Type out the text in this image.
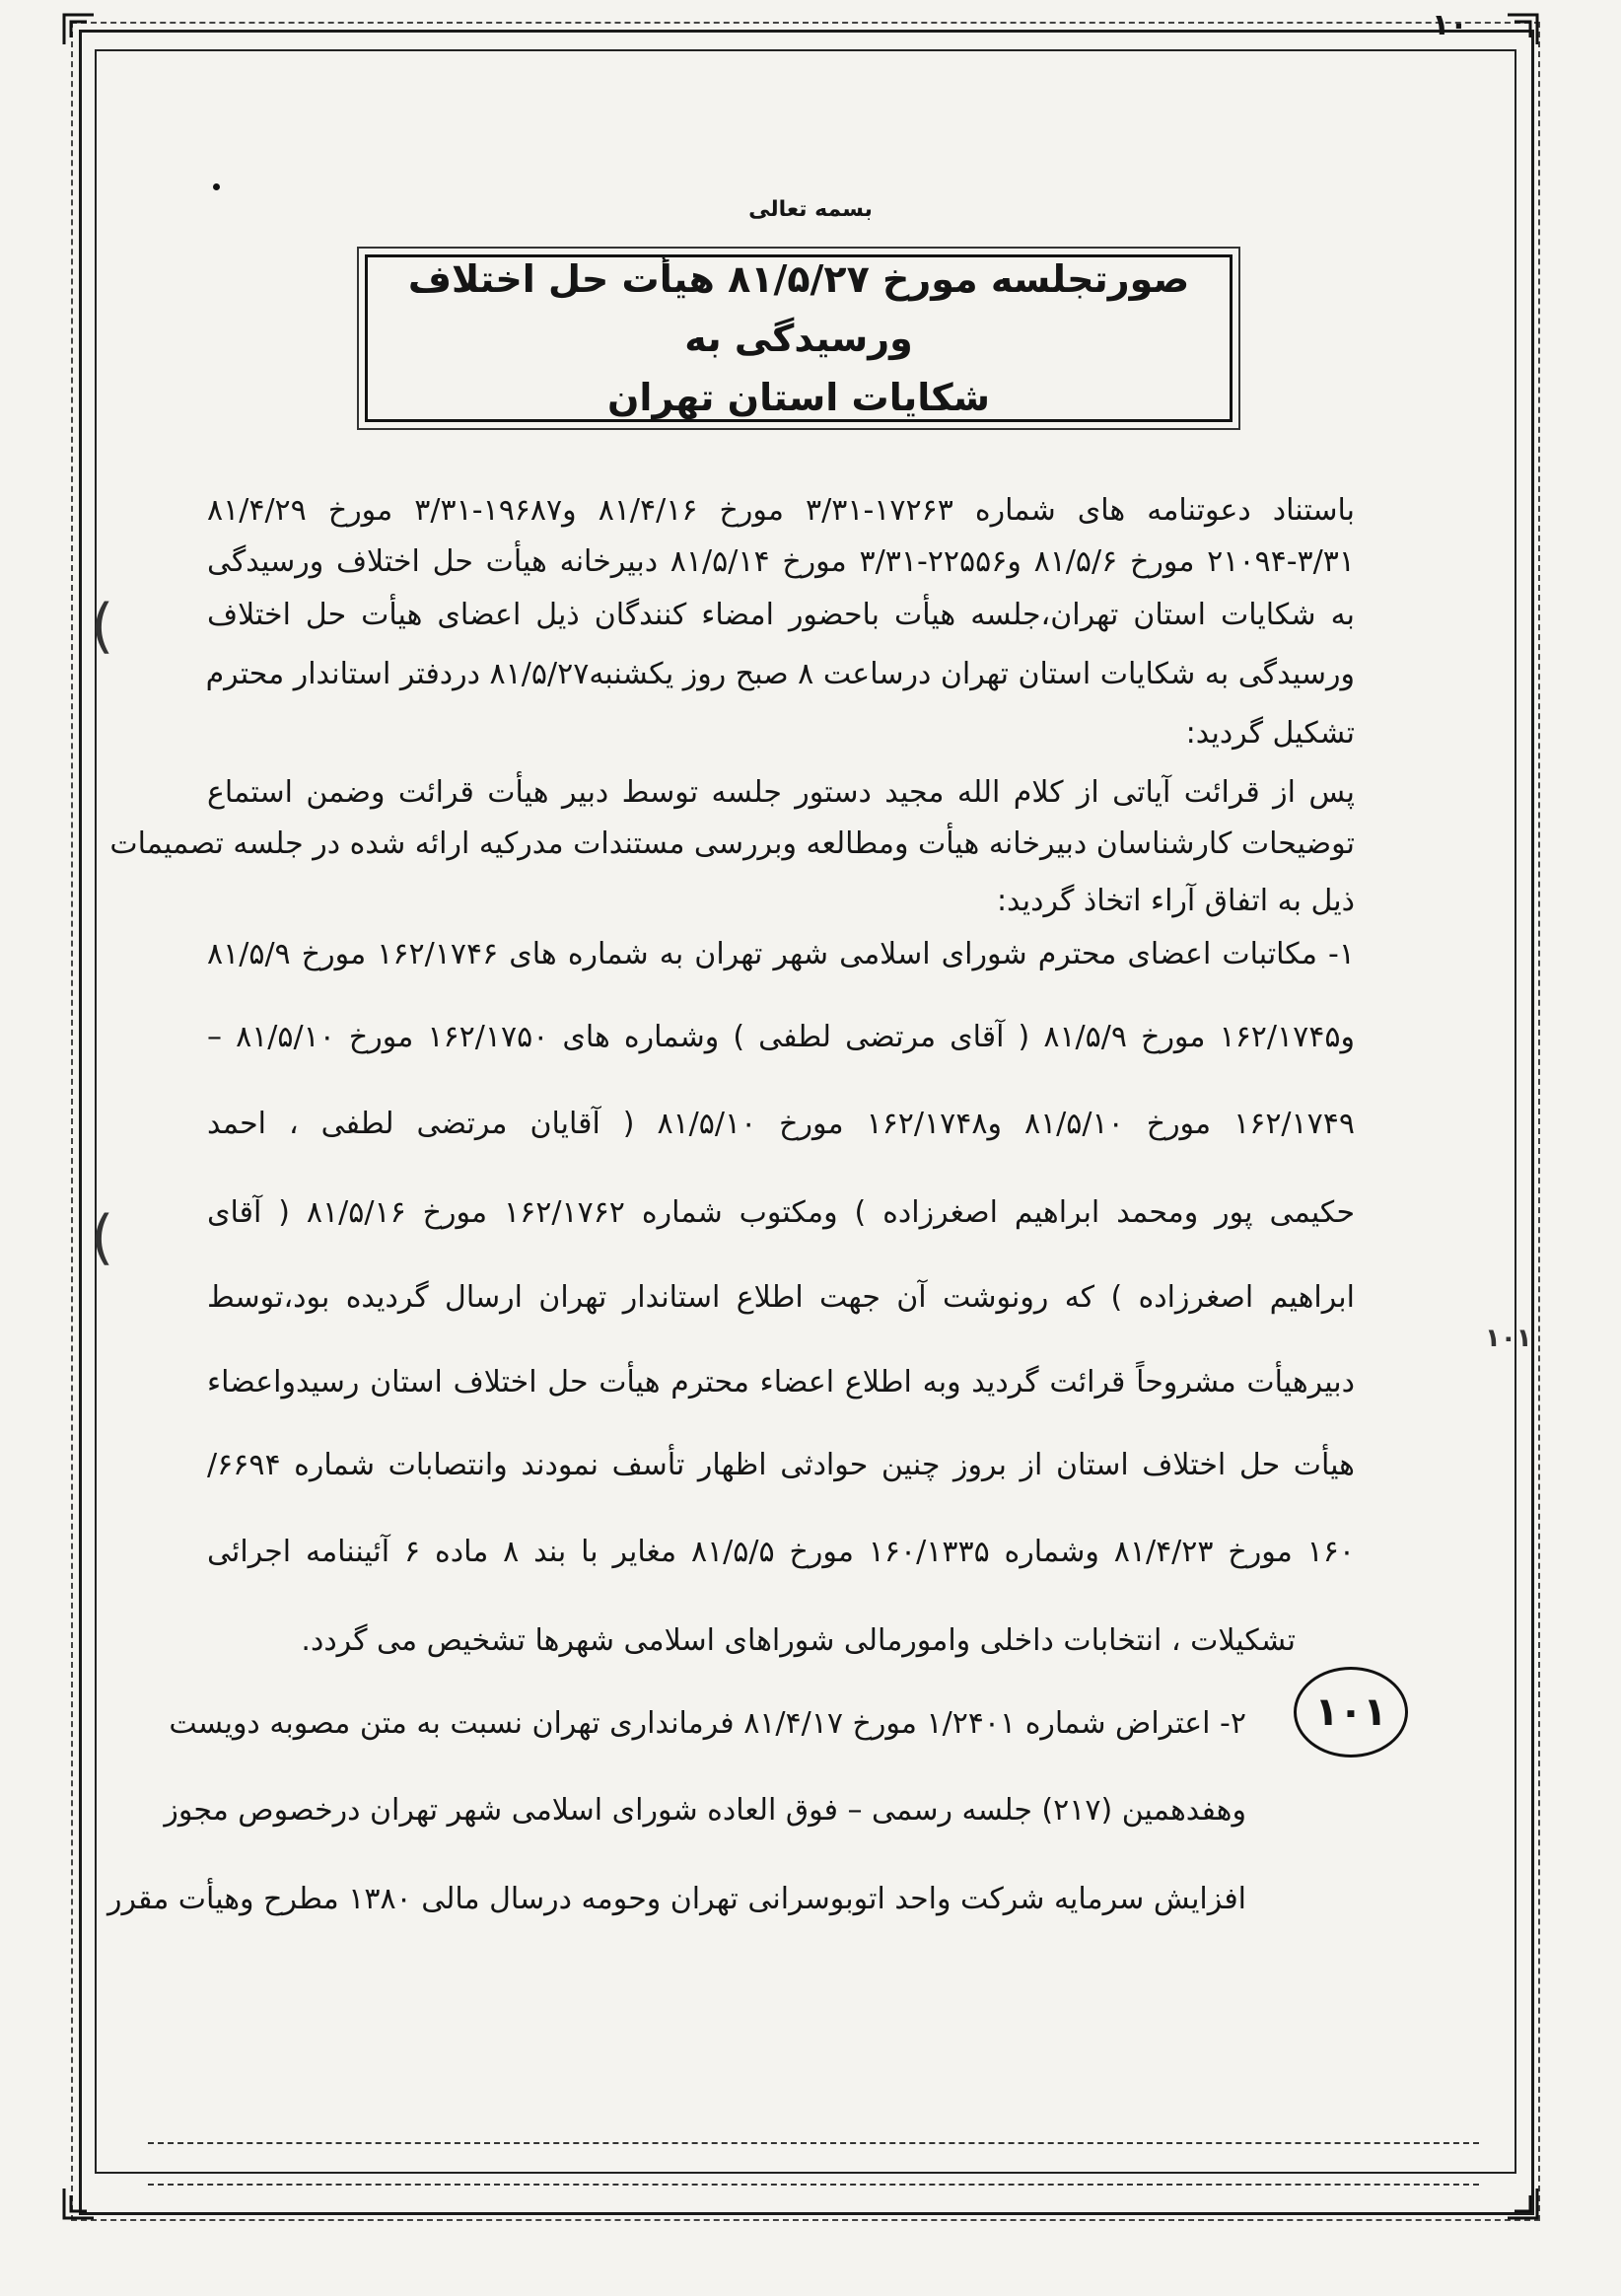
١٠
بسمه تعالی
صورتجلسه مورخ ۸۱/۵/۲۷ هیأت حل اختلاف ورسیدگی به
شکایات استان تهران
باستناد دعوتنامه های شماره ۱۷۲۶۳-۳/۳۱ مورخ ۸۱/۴/۱۶ و۱۹۶۸۷-۳/۳۱ مورخ ۸۱/۴/۲۹
۲۱۰۹۴-۳/۳۱ مورخ ۸۱/۵/۶ و۲۲۵۵۶-۳/۳۱ مورخ ۸۱/۵/۱۴ دبیرخانه هیأت حل اختلاف ورسیدگی
به شکایات استان تهران،جلسه هیأت باحضور امضاء کنندگان ذیل اعضای هیأت حل اختلاف
ورسیدگی به شکایات استان تهران درساعت ۸ صبح روز یکشنبه۸۱/۵/۲۷ دردفتر استاندار محترم
تشکیل گردید:
پس از قرائت آیاتی از کلام الله مجید دستور جلسه توسط دبیر هیأت قرائت وضمن استماع
توضیحات کارشناسان دبیرخانه هیأت ومطالعه وبررسی مستندات مدرکیه ارائه شده در جلسه تصمیمات
ذیل به اتفاق آراء اتخاذ گردید:
۱- مکاتبات اعضای محترم شورای اسلامی شهر تهران به شماره های ۱۶۲/۱۷۴۶ مورخ ۸۱/۵/۹
و۱۶۲/۱۷۴۵ مورخ ۸۱/۵/۹ ( آقای مرتضی لطفی ) وشماره های ۱۶۲/۱۷۵۰ مورخ ۸۱/۵/۱۰ –
۱۶۲/۱۷۴۹ مورخ ۸۱/۵/۱۰ و۱۶۲/۱۷۴۸ مورخ ۸۱/۵/۱۰ ( آقایان مرتضی لطفی ، احمد
حکیمی پور ومحمد ابراهیم اصغرزاده ) ومکتوب شماره ۱۶۲/۱۷۶۲ مورخ ۸۱/۵/۱۶ ( آقای
ابراهیم اصغرزاده ) که رونوشت آن جهت اطلاع استاندار تهران ارسال گردیده بود،توسط
دبیرهیأت مشروحاً قرائت گردید وبه اطلاع اعضاء محترم هیأت حل اختلاف استان رسیدواعضاء
هیأت حل اختلاف استان از بروز چنین حوادثی اظهار تأسف نمودند وانتصابات شماره ۶۶۹۴/
۱۶۰ مورخ ۸۱/۴/۲۳ وشماره ۱۶۰/۱۳۳۵ مورخ ۸۱/۵/۵ مغایر با بند ۸ ماده ۶ آئیننامه اجرائی
تشکیلات ، انتخابات داخلی وامورمالی شوراهای اسلامی شهرها تشخیص می گردد.
۲- اعتراض شماره ۱/۲۴۰۱ مورخ ۸۱/۴/۱۷ فرمانداری تهران نسبت به متن مصوبه دویست
وهفدهمین (۲۱۷) جلسه رسمی – فوق العاده شورای اسلامی شهر تهران درخصوص مجوز
افزایش سرمایه شرکت واحد اتوبوسرانی تهران وحومه درسال مالی ۱۳۸۰ مطرح وهیأت مقرر
١٠١
١٠١
(
(
